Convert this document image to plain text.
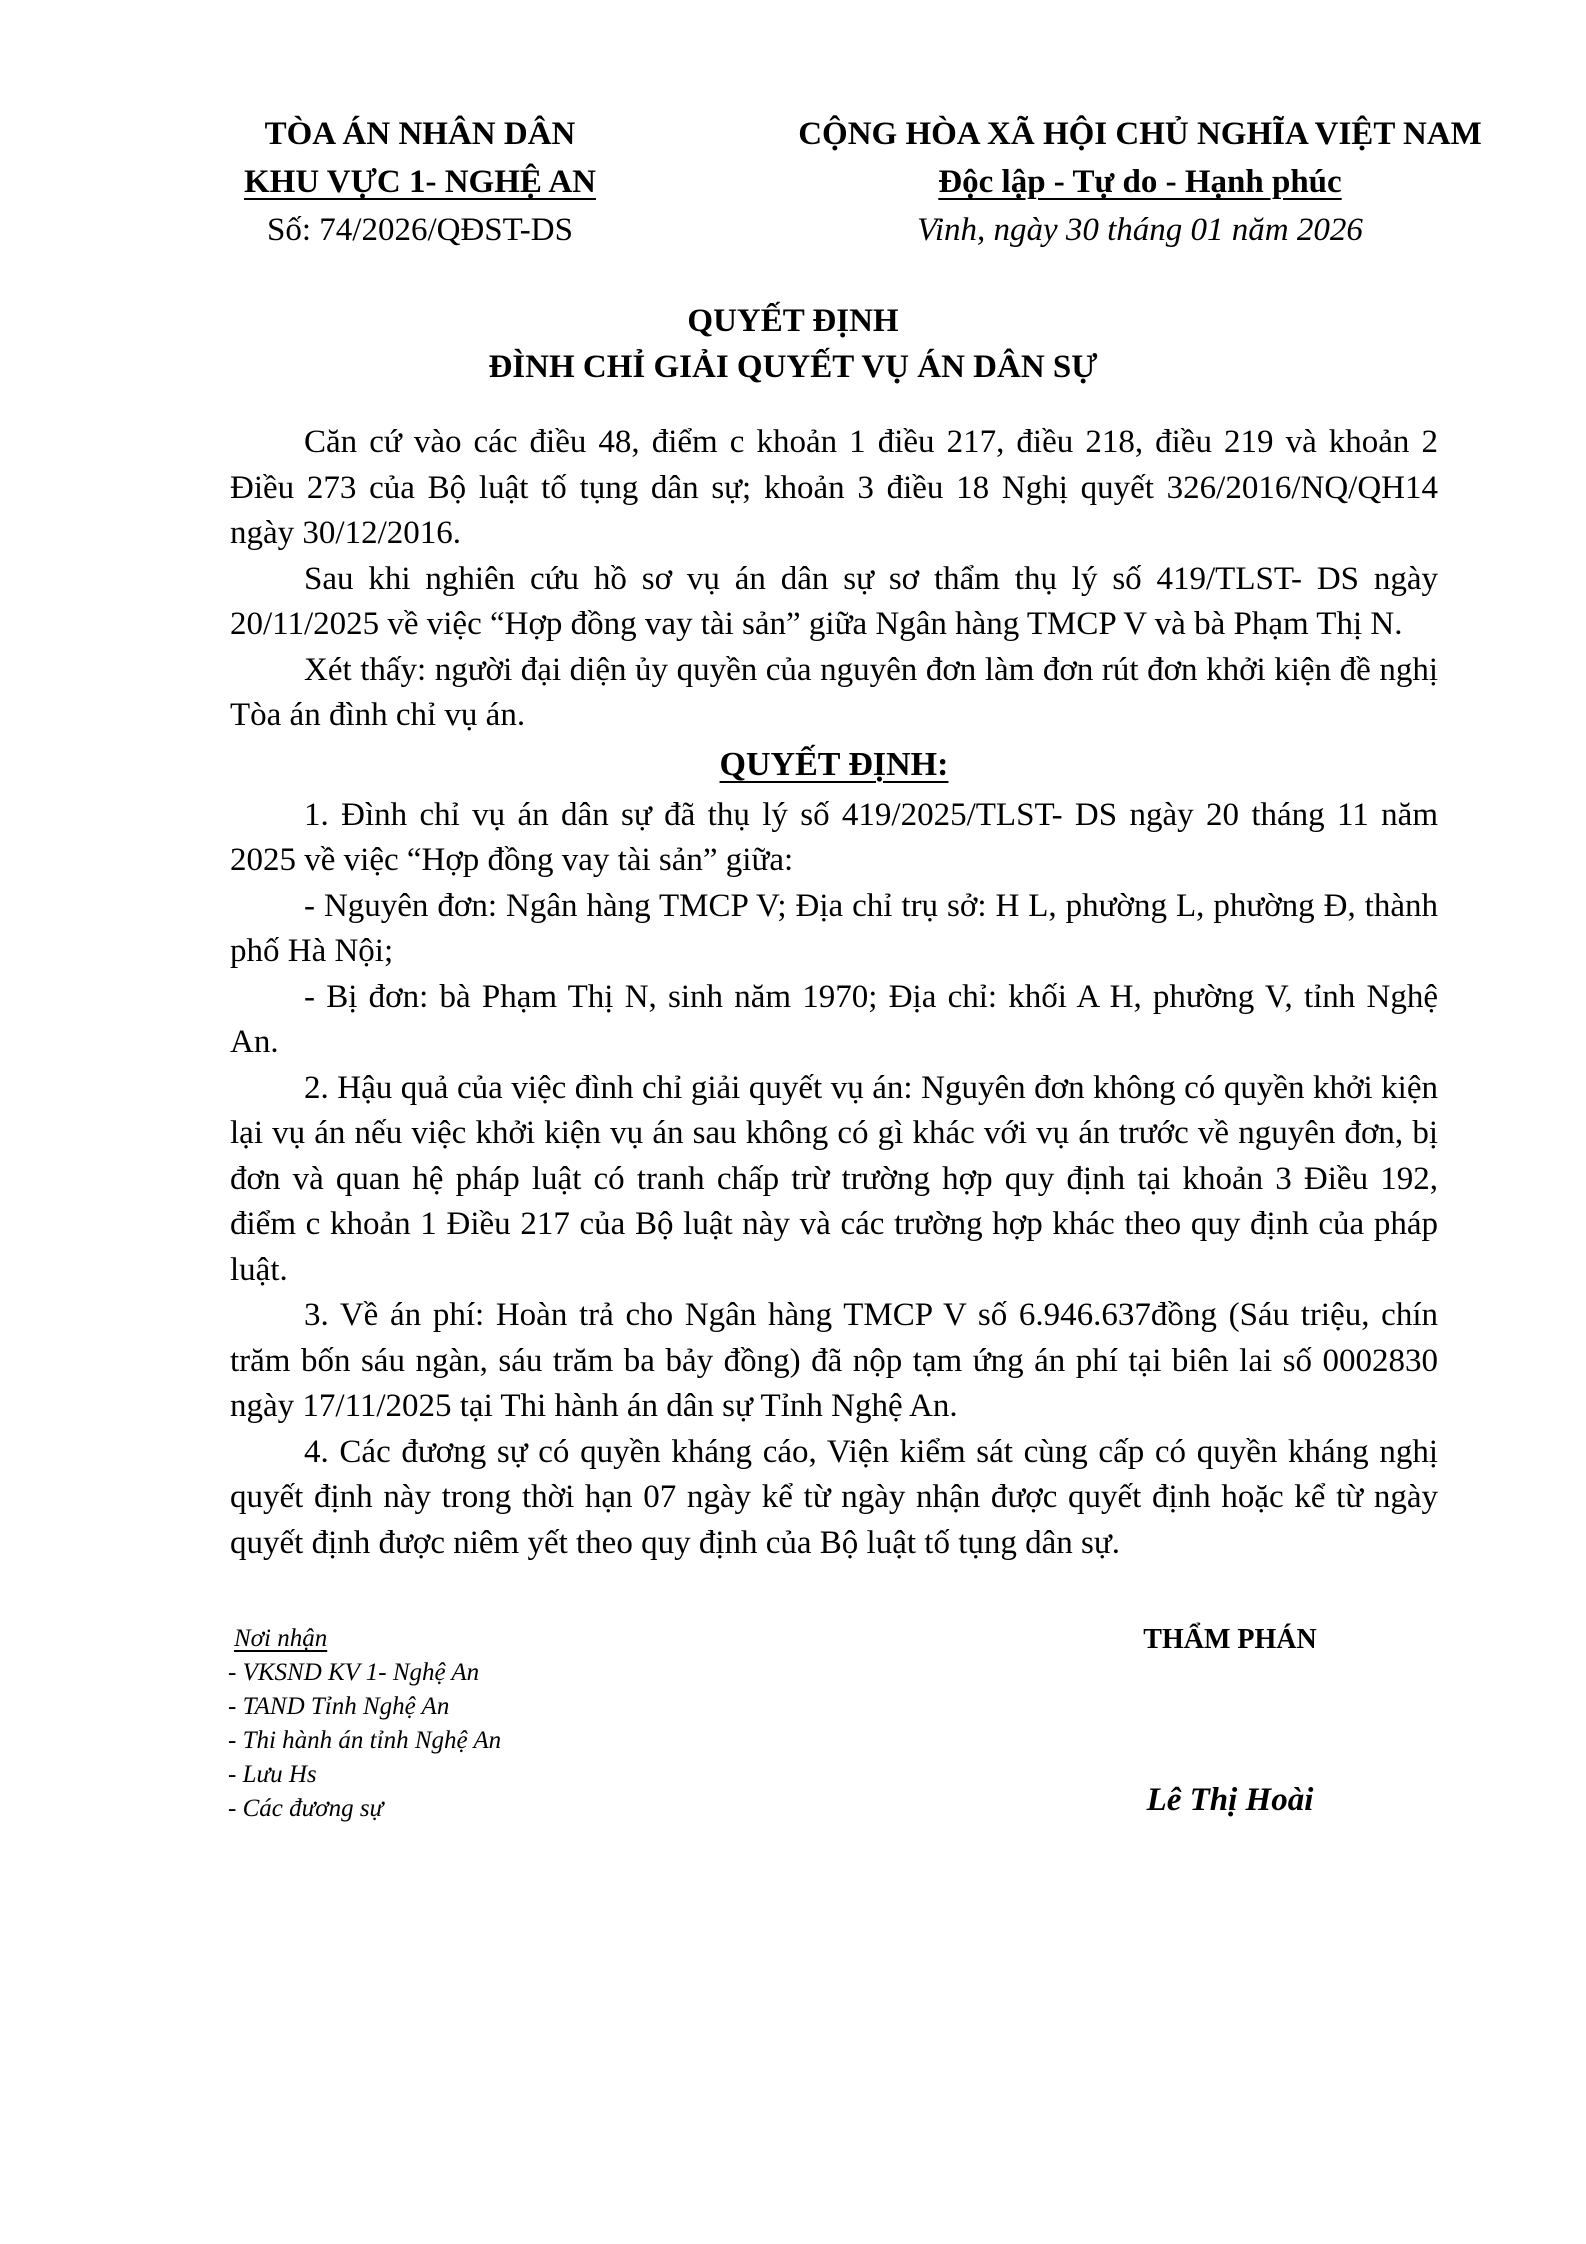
TÒA ÁN NHÂN DÂN
KHU VỰC 1- NGHỆ AN
Số: 74/2026/QĐST-DS
CỘNG HÒA XÃ HỘI CHỦ NGHĨA VIỆT NAM
Độc lập - Tự do - Hạnh phúc
Vinh, ngày 30 tháng 01 năm 2026
QUYẾT ĐỊNH
ĐÌNH CHỈ GIẢI QUYẾT VỤ ÁN DÂN SỰ

Căn cứ vào các điều 48, điểm c khoản 1 điều 217, điều 218, điều 219 và khoản 2 Điều 273 của Bộ luật tố tụng dân sự; khoản 3 điều 18 Nghị quyết 326/2016/NQ/QH14 ngày 30/12/2016.

Sau khi nghiên cứu hồ sơ vụ án dân sự sơ thẩm thụ lý số 419/TLST- DS ngày 20/11/2025 về việc “Hợp đồng vay tài sản” giữa Ngân hàng TMCP V và bà Phạm Thị N.

Xét thấy: người đại diện ủy quyền của nguyên đơn làm đơn rút đơn khởi kiện đề nghị Tòa án đình chỉ vụ án.

QUYẾT ĐỊNH:

1. Đình chỉ vụ án dân sự đã thụ lý số 419/2025/TLST- DS ngày 20 tháng 11 năm 2025 về việc “Hợp đồng vay tài sản” giữa:

- Nguyên đơn: Ngân hàng TMCP V; Địa chỉ trụ sở: H L, phường L, phường Đ, thành phố Hà Nội;

- Bị đơn: bà Phạm Thị N, sinh năm 1970; Địa chỉ: khối A H, phường V, tỉnh Nghệ An.

2. Hậu quả của việc đình chỉ giải quyết vụ án: Nguyên đơn không có quyền khởi kiện lại vụ án nếu việc khởi kiện vụ án sau không có gì khác với vụ án trước về nguyên đơn, bị đơn và quan hệ pháp luật có tranh chấp trừ trường hợp quy định tại khoản 3 Điều 192, điểm c khoản 1 Điều 217 của Bộ luật này và các trường hợp khác theo quy định của pháp luật.

3. Về án phí: Hoàn trả cho Ngân hàng TMCP V số 6.946.637đồng (Sáu triệu, chín trăm bốn sáu ngàn, sáu trăm ba bảy đồng) đã nộp tạm ứng án phí tại biên lai số 0002830 ngày 17/11/2025 tại Thi hành án dân sự Tỉnh Nghệ An.

4. Các đương sự có quyền kháng cáo, Viện kiểm sát cùng cấp có quyền kháng nghị quyết định này trong thời hạn 07 ngày kể từ ngày nhận được quyết định hoặc kể từ ngày quyết định được niêm yết theo quy định của Bộ luật tố tụng dân sự.

Nơi nhận
- VKSND KV 1- Nghệ An
- TAND Tỉnh Nghệ An
- Thi hành án tỉnh Nghệ An
- Lưu Hs
- Các đương sự
THẨM PHÁN
Lê Thị Hoài
